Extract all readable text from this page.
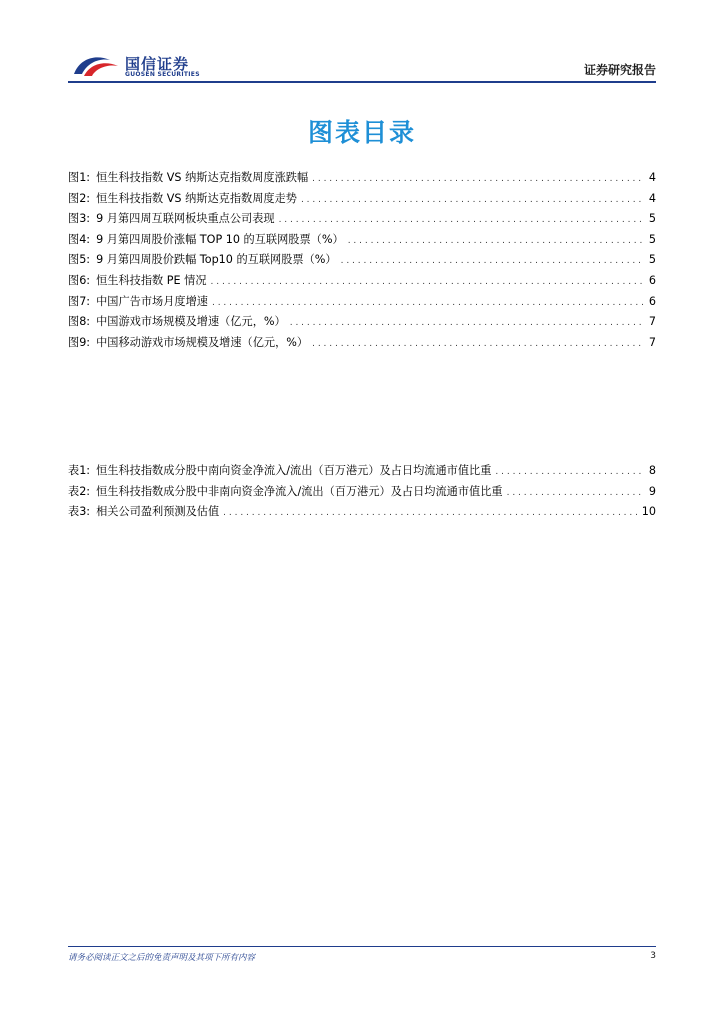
国信证券
GUOSEN SECURITIES	证券研究报告
图表目录
图1: 恒生科技指数 VS 纳斯达克指数周度涨跌幅 . . .	4
图2: 恒生科技指数 VS 纳斯达克指数周度走势 . . .	4
图3: 9 月第四周互联网板块重点公司表现 . . .	5
图4: 9 月第四周股价涨幅 TOP 10 的互联网股票（%） . . .	5
图5: 9 月第四周股价跌幅 Top10 的互联网股票（%） . . .	5
图6: 恒生科技指数 PE 情况 . . .	6
图7: 中国广告市场月度增速 . . .	6
图8: 中国游戏市场规模及增速（亿元，%） . . .	7
图9: 中国移动游戏市场规模及增速（亿元，%） . . .	7
表1: 恒生科技指数成分股中南向资金净流入/流出（百万港元）及占日均流通市值比重 . . .	8
表2: 恒生科技指数成分股中非南向资金净流入/流出（百万港元）及占日均流通市值比重 . . .	9
表3: 相关公司盈利预测及估值 . . .	10
请务必阅读正文之后的免责声明及其项下所有内容	3
